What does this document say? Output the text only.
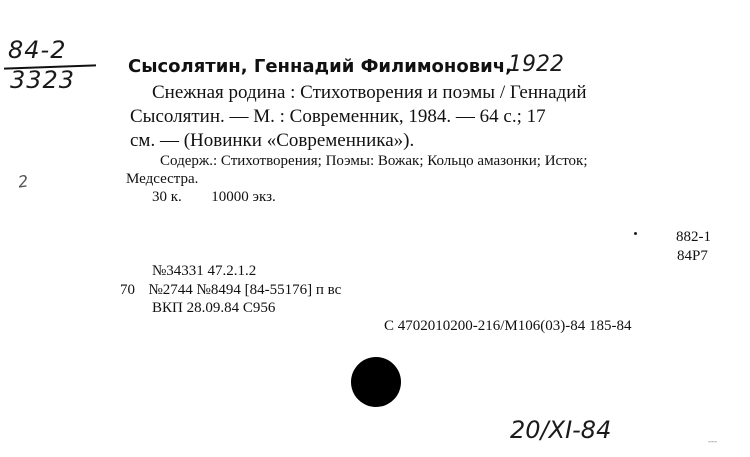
84-2
3323
2
Сысолятин, Геннадий Филимонович,
1922
Снежная родина : Стихотворения и поэмы / Геннадий
Сысолятин. — М. : Современник, 1984. — 64 с.; 17
см. — (Новинки «Современника»).
Содерж.: Стихотворения; Поэмы: Вожак; Кольцо амазонки; Исток;
Медсестра.
30 к. 10000 экз.
882-1
84Р7
№34331 47.2.1.2
70 №2744 №8494 [84-55176] п вс
ВКП 28.09.84 С956
С 4702010200-216/М106(03)-84 185-84
20/XI-84	‑‑‑
